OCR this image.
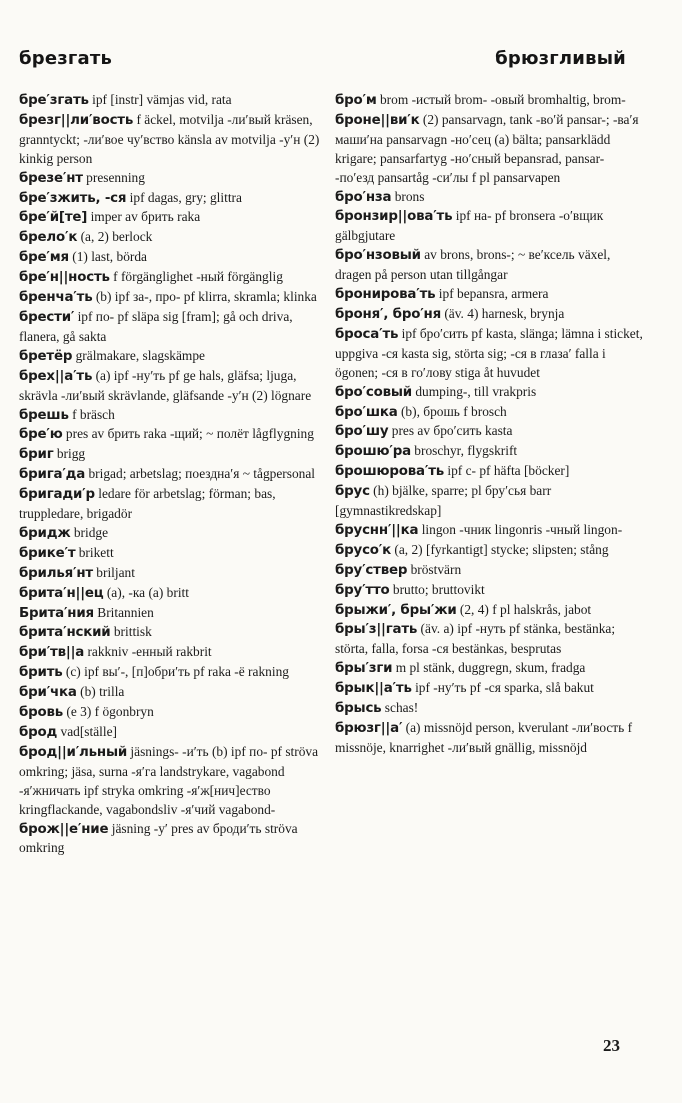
брезгать	брюзгливый

бре′згать ipf [instr] vämjas vid, rata

брезг||ли′вость f äckel, motvilja -ли′вый kräsen, granntyckt; -ли′вое чу′вство känsla av motvilja -у′н (2) kinkig person

брезе′нт presenning

бре′зжить, -ся ipf dagas, gry; glittra

бре′й[те] imper av брить raka

брело′к (а, 2) berlock

бре′мя (1) last, börda

бре′н||ность f förgänglighet -ный förgänglig

бренча′ть (b) ipf за-, про- pf klirra, skramla; klinka

брести′ ipf по- pf släpa sig [fram]; gå och driva, flanera, gå sakta

бретёр grälmakare, slagskämpe

брех||а′ть (а) ipf -ну′ть pf ge hals, gläfsa; ljuga, skrävla -ли′вый skrävlande, gläfsande -у′н (2) lögnare

брешь f bräsch

бре′ю pres av брить raka -щий; ~ полёт lågflygning

бриг brigg

брига′да brigad; arbetslag; поездна′я ~ tågpersonal

бригади′р ledare för arbetslag; förman; bas, truppledare, brigadör

бридж bridge

брике′т brikett

брилья′нт briljant

брита′н||ец (а), -ка (а) britt

Брита′ния Britannien

брита′нский brittisk

бри′тв||а rakkniv -енный rakbrit

брить (с) ipf вы′-, [п]обри′ть pf raka -ё rakning

бри′чка (b) trilla

бровь (е 3) f ögonbryn

брод vad[ställe]

брод||и′льный jäsnings- -и′ть (b) ipf по- pf ströva omkring; jäsa, surna -я′га landstrykare, vagabond -я′жничать ipf stryka omkring -я′ж[нич]ество kringflackande, vagabondsliv -я′чий vagabond-

брож||е′ние jäsning -у′ pres av броди′ть ströva omkring

бро′м brom -истый brom- -овый bromhaltig, brom-

броне||ви′к (2) pansarvagn, tank -во′й pansar-; -ва′я маши′на pansarvagn -но′сец (а) bälta; pansarklädd krigare; pansarfartyg -но′сный bepansrad, pansar- -по′езд pansartåg -си′лы f pl pansarvapen

бро′нза brons

бронзир||ова′ть ipf на- pf bronsera -о′вщик gälbgjutare

бро′нзовый av brons, brons-; ~ ве′ксель växel, dragen på person utan tillgångar

бронирова′ть ipf bepansra, armera

броня′, бро′ня (äv. 4) harnesk, brynja

броса′ть ipf бро′сить pf kasta, slänga; lämna i sticket, uppgiva -ся kasta sig, störta sig; -ся в глаза′ falla i ögonen; -ся в го′лову stiga åt huvudet

бро′совый dumping-, till vrakpris

бро′шка (b), брошь f brosch

бро′шу pres av бро′сить kasta

брошю′ра broschyr, flygskrift

брошюрова′ть ipf с- pf häfta [böcker]

брус (h) bjälke, sparre; pl бру′сья barr [gymnastikredskap]

бруснн′||ка lingon -чник lingonris -чный lingon-

брусо′к (а, 2) [fyrkantigt] stycke; slipsten; stång

бру′ствер bröstvärn

бру′тто brutto; bruttovikt

брыжи′, бры′жи (2, 4) f pl halskrås, jabot

бры′з||гать (äv. а) ipf -нуть pf stänka, bestänka; störta, falla, forsa -ся bestänkas, besprutas

бры′зги m pl stänk, duggregn, skum, fradga

брык||а′ть ipf -ну′ть pf -ся sparka, slå bakut

брысь schas!

брюзг||а′ (а) missnöjd person, kverulant -ли′вость f missnöje, knarrighet -ли′вый gnällig, missnöjd

23
